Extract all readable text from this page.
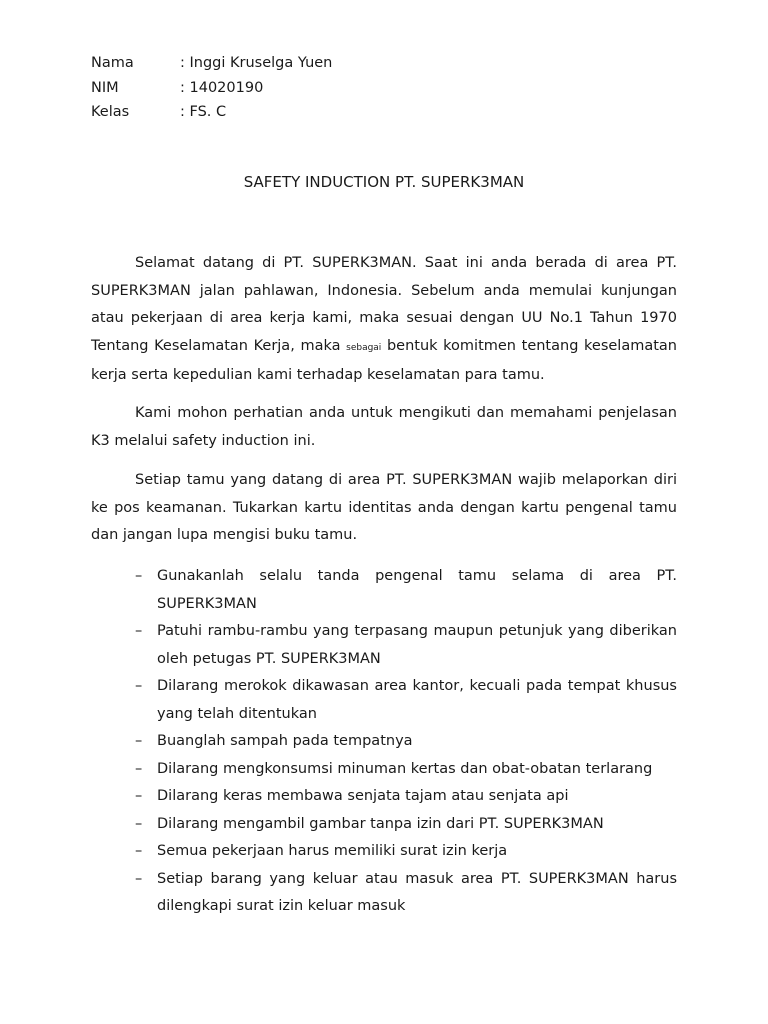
Nama	: Inggi Kruselga Yuen
NIM	: 14020190
Kelas	: FS. C
SAFETY INDUCTION PT. SUPERK3MAN

Selamat datang di PT. SUPERK3MAN. Saat ini anda berada di area PT. SUPERK3MAN jalan pahlawan, Indonesia. Sebelum anda memulai kunjungan atau pekerjaan di area kerja kami, maka sesuai dengan UU No.1 Tahun 1970 Tentang Keselamatan Kerja, maka sebagai bentuk komitmen tentang keselamatan kerja serta kepedulian kami terhadap keselamatan para tamu.

Kami mohon perhatian anda untuk mengikuti dan memahami penjelasan K3 melalui safety induction ini.

Setiap tamu yang datang di area PT. SUPERK3MAN wajib melaporkan diri ke pos keamanan. Tukarkan kartu identitas anda dengan kartu pengenal tamu dan jangan lupa mengisi buku tamu.

– Gunakanlah selalu tanda pengenal tamu selama di area PT. SUPERK3MAN
– Patuhi rambu-rambu yang terpasang maupun petunjuk yang diberikan oleh petugas PT. SUPERK3MAN
– Dilarang merokok dikawasan area kantor, kecuali pada tempat khusus yang telah ditentukan
– Buanglah sampah pada tempatnya
– Dilarang mengkonsumsi minuman kertas dan obat-obatan terlarang
– Dilarang keras membawa senjata tajam atau senjata api
– Dilarang mengambil gambar tanpa izin dari PT. SUPERK3MAN
– Semua pekerjaan harus memiliki surat izin kerja
– Setiap barang yang keluar atau masuk area PT. SUPERK3MAN harus dilengkapi surat izin keluar masuk
